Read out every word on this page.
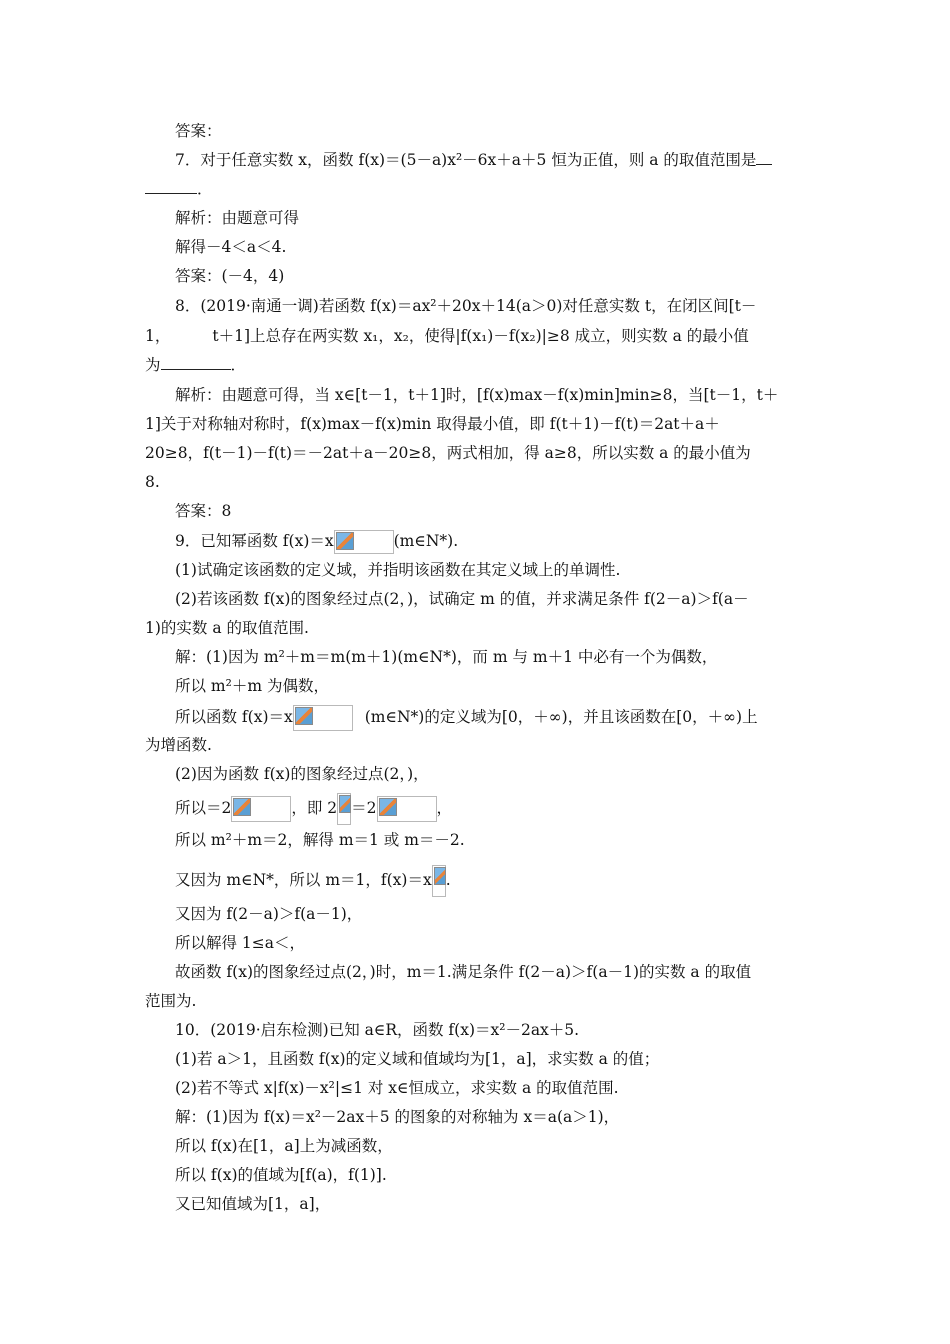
答案：
7．对于任意实数 x，函数 f(x)＝(5－a)x²－6x＋a＋5 恒为正值，则 a 的取值范围是
．
解析：由题意可得
解得－4＜a＜4.
答案：(－4，4)
8．(2019·南通一调)若函数 f(x)＝ax²＋20x＋14(a＞0)对任意实数 t，在闭区间[t－
1，	t＋1]上总存在两实数 x₁，x₂，使得|f(x₁)－f(x₂)|≥8 成立，则实数 a 的最小值
为	．
解析：由题意可得，当 x∈[t－1，t＋1]时，[f(x)max－f(x)min]min≥8，当[t－1，t＋
1]关于对称轴对称时，f(x)max－f(x)min 取得最小值，即 f(t＋1)－f(t)＝2at＋a＋
20≥8，f(t－1)－f(t)＝－2at＋a－20≥8，两式相加，得 a≥8，所以实数 a 的最小值为
8.
答案：8
9．已知幂函数 f(x)＝x	(m∈N*).
(1)试确定该函数的定义域，并指明该函数在其定义域上的单调性.
(2)若该函数 f(x)的图象经过点(2，)，试确定 m 的值，并求满足条件 f(2－a)＞f(a－
1)的实数 a 的取值范围.
解：(1)因为 m²＋m＝m(m＋1)(m∈N*)，而 m 与 m＋1 中必有一个为偶数，
所以 m²＋m 为偶数，
所以函数 f(x)＝x	(m∈N*)的定义域为[0，＋∞)，并且该函数在[0，＋∞)上
为增函数.
(2)因为函数 f(x)的图象经过点(2，)，
所以＝2	，即 2 ＝2	，
所以 m²＋m＝2，解得 m＝1 或 m＝－2.
又因为 m∈N*，所以 m＝1，f(x)＝x .
又因为 f(2－a)＞f(a－1)，
所以解得 1≤a＜，
故函数 f(x)的图象经过点(2，)时，m＝1.满足条件 f(2－a)＞f(a－1)的实数 a 的取值
范围为.
10．(2019·启东检测)已知 a∈R，函数 f(x)＝x²－2ax＋5.
(1)若 a＞1，且函数 f(x)的定义域和值域均为[1，a]，求实数 a 的值；
(2)若不等式 x|f(x)－x²|≤1 对 x∈恒成立，求实数 a 的取值范围.
解：(1)因为 f(x)＝x²－2ax＋5 的图象的对称轴为 x＝a(a＞1)，
所以 f(x)在[1，a]上为减函数，
所以 f(x)的值域为[f(a)，f(1)].
又已知值域为[1，a]，
